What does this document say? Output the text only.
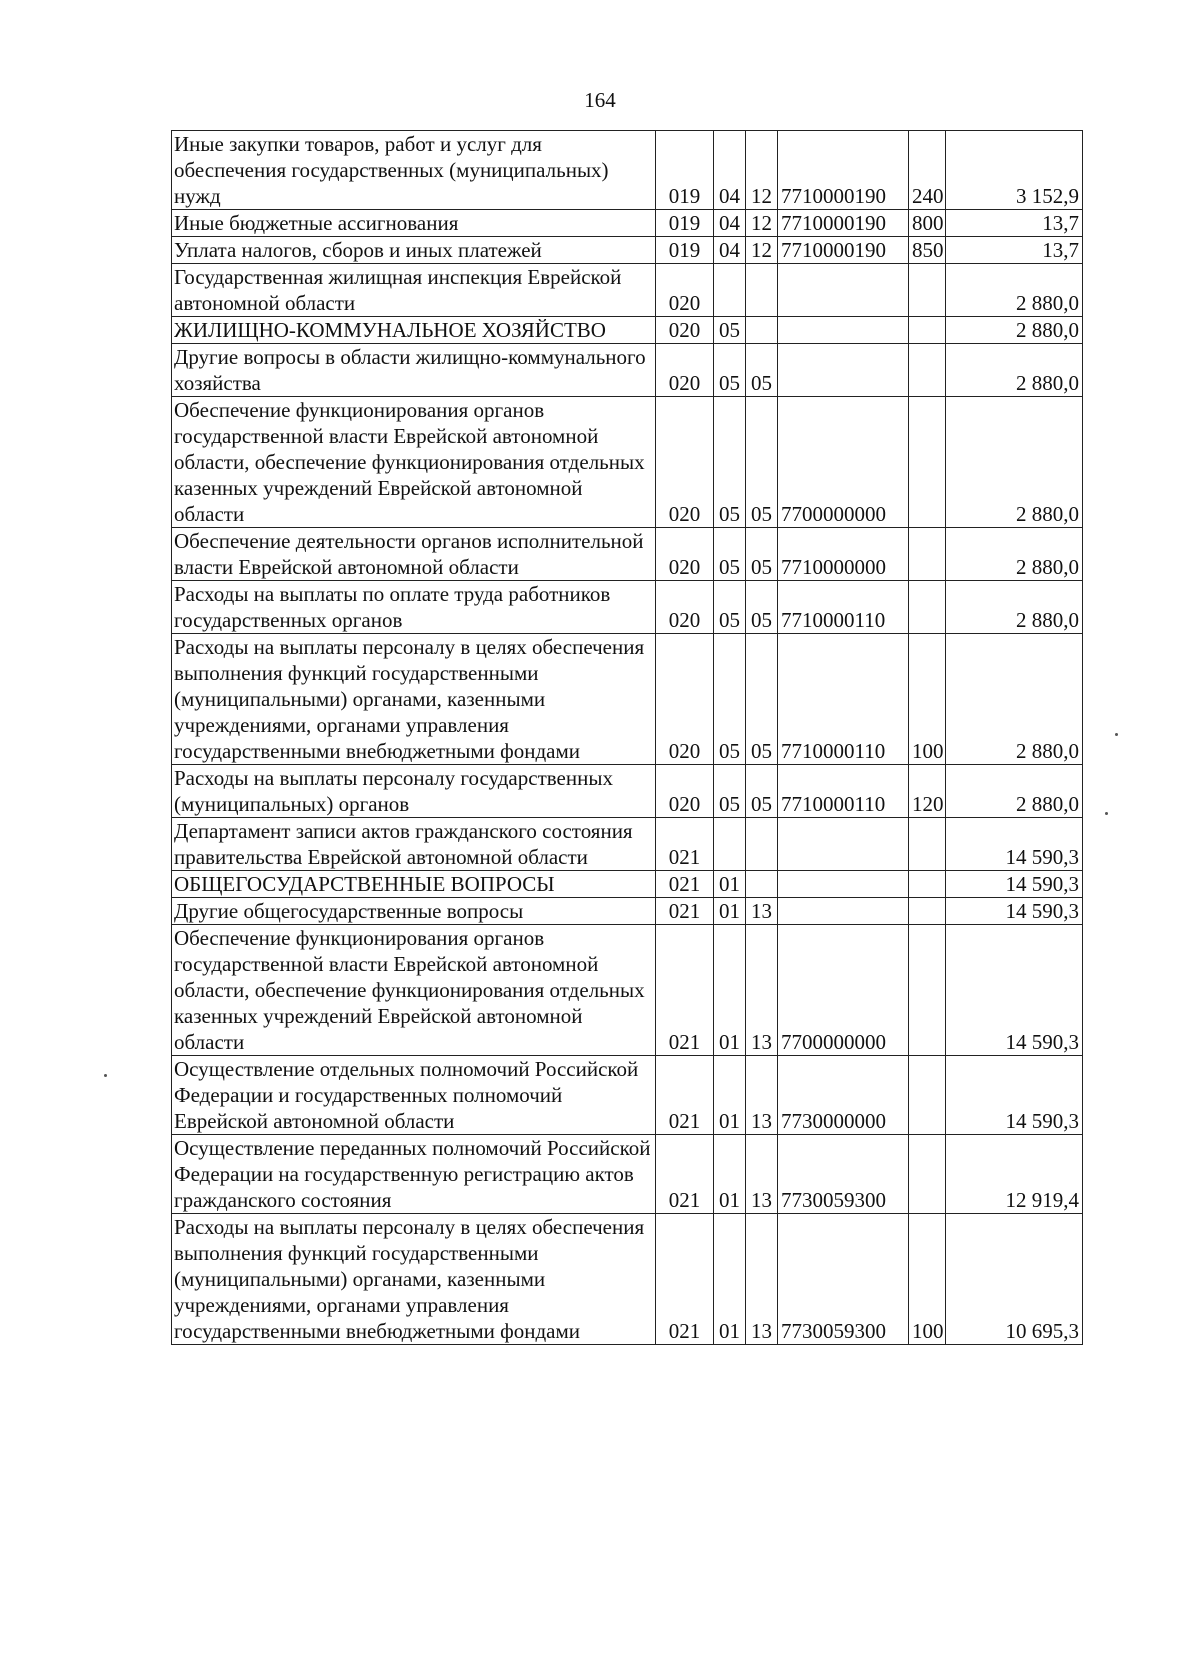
164
Иные закупки товаров, работ и услуг для обеспечения государственных (муниципальных) нужд	019	04	12	7710000190	240	3 152,9
Иные бюджетные ассигнования	019	04	12	7710000190	800	13,7
Уплата налогов, сборов и иных платежей	019	04	12	7710000190	850	13,7
Государственная жилищная инспекция Еврейской автономной области	020					2 880,0
ЖИЛИЩНО-КОММУНАЛЬНОЕ ХОЗЯЙСТВО	020	05				2 880,0
Другие вопросы в области жилищно-коммунального хозяйства	020	05	05			2 880,0
Обеспечение функционирования органов государственной власти Еврейской автономной области, обеспечение функционирования отдельных казенных учреждений Еврейской автономной области	020	05	05	7700000000		2 880,0
Обеспечение деятельности органов исполнительной власти Еврейской автономной области	020	05	05	7710000000		2 880,0
Расходы на выплаты по оплате труда работников государственных органов	020	05	05	7710000110		2 880,0
Расходы на выплаты персоналу в целях обеспечения выполнения функций государственными (муниципальными) органами, казенными учреждениями, органами управления государственными внебюджетными фондами	020	05	05	7710000110	100	2 880,0
Расходы на выплаты персоналу государственных (муниципальных) органов	020	05	05	7710000110	120	2 880,0
Департамент записи актов гражданского состояния правительства Еврейской автономной области	021					14 590,3
ОБЩЕГОСУДАРСТВЕННЫЕ ВОПРОСЫ	021	01				14 590,3
Другие общегосударственные вопросы	021	01	13			14 590,3
Обеспечение функционирования органов государственной власти Еврейской автономной области, обеспечение функционирования отдельных казенных учреждений Еврейской автономной области	021	01	13	7700000000		14 590,3
Осуществление отдельных полномочий Российской Федерации и государственных полномочий Еврейской автономной области	021	01	13	7730000000		14 590,3
Осуществление переданных полномочий Российской Федерации на государственную регистрацию актов гражданского состояния	021	01	13	7730059300		12 919,4
Расходы на выплаты персоналу в целях обеспечения выполнения функций государственными (муниципальными) органами, казенными учреждениями, органами управления государственными внебюджетными фондами	021	01	13	7730059300	100	10 695,3
